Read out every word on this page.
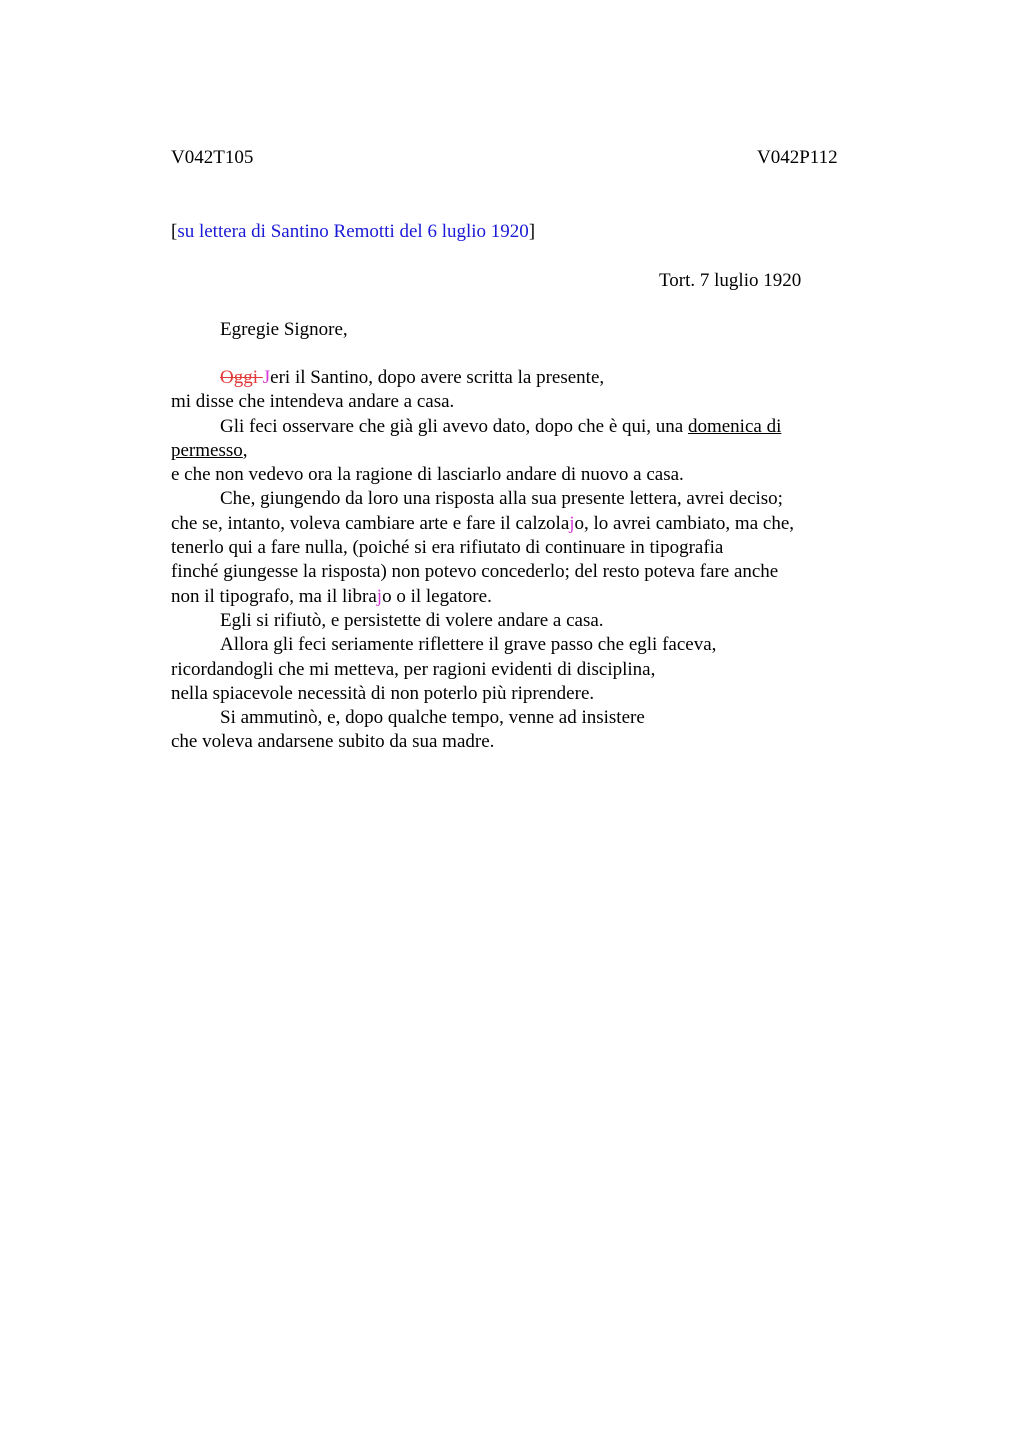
V042T105	V042P112
[su lettera di Santino Remotti del 6 luglio 1920]
Tort. 7 luglio 1920
Egregie Signore,
Oggi Jeri il Santino, dopo avere scritta la presente,
mi disse che intendeva andare a casa.
Gli feci osservare che già gli avevo dato, dopo che è qui, una domenica di
permesso,
e che non vedevo ora la ragione di lasciarlo andare di nuovo a casa.
Che, giungendo da loro una risposta alla sua presente lettera, avrei deciso;
che se, intanto, voleva cambiare arte e fare il calzolajo, lo avrei cambiato, ma che,
tenerlo qui a fare nulla, (poiché si era rifiutato di continuare in tipografia
finché giungesse la risposta) non potevo concederlo; del resto poteva fare anche
non il tipografo, ma il librajo o il legatore.
Egli si rifiutò, e persistette di volere andare a casa.
Allora gli feci seriamente riflettere il grave passo che egli faceva,
ricordandogli che mi metteva, per ragioni evidenti di disciplina,
nella spiacevole necessità di non poterlo più riprendere.
Si ammutinò, e, dopo qualche tempo, venne ad insistere
che voleva andarsene subito da sua madre.
